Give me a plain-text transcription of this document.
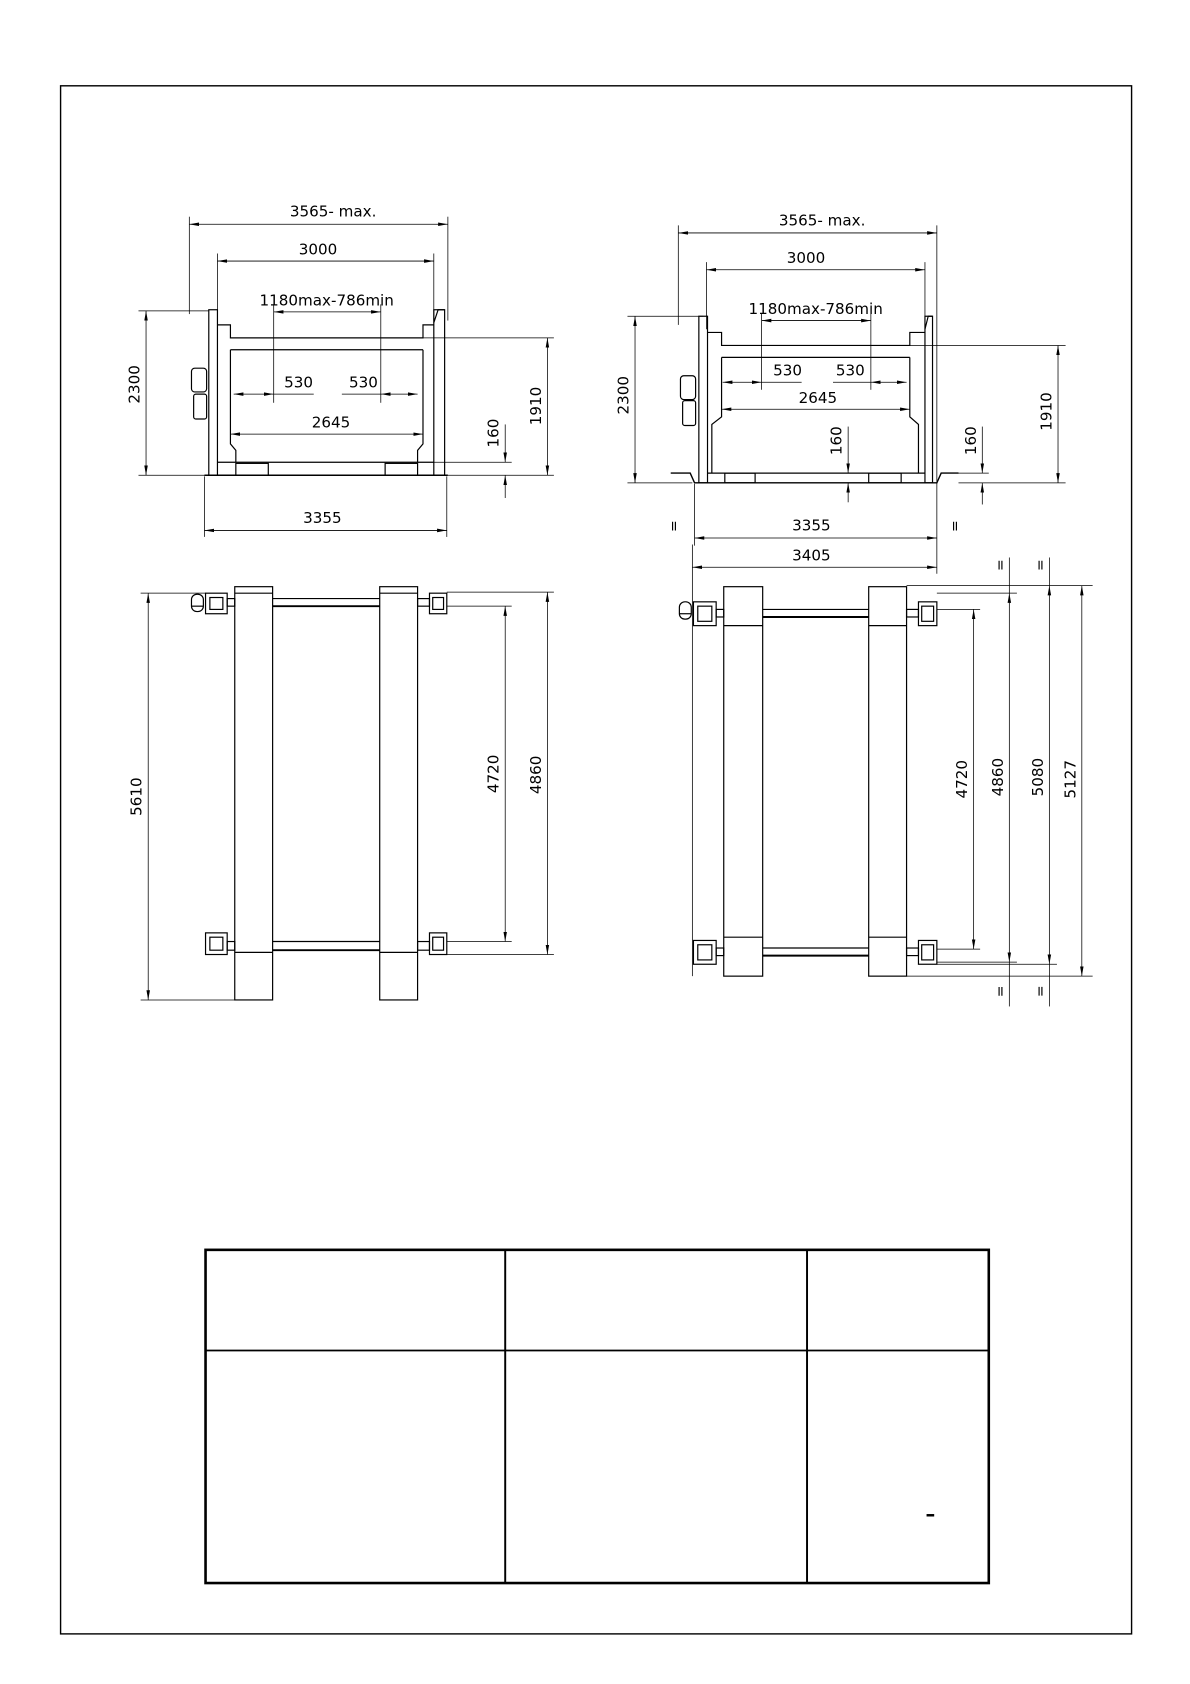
3565- max.
3000
1180max-786min
530	530
2645
2300
1910
160
3355
3565- max.
3000
1180max-786min
530 530
2645
2300	1910
160	160
3355
=	=
3405
5610
4720 4860	4720 4860 5080 5127
= =
= =
–
